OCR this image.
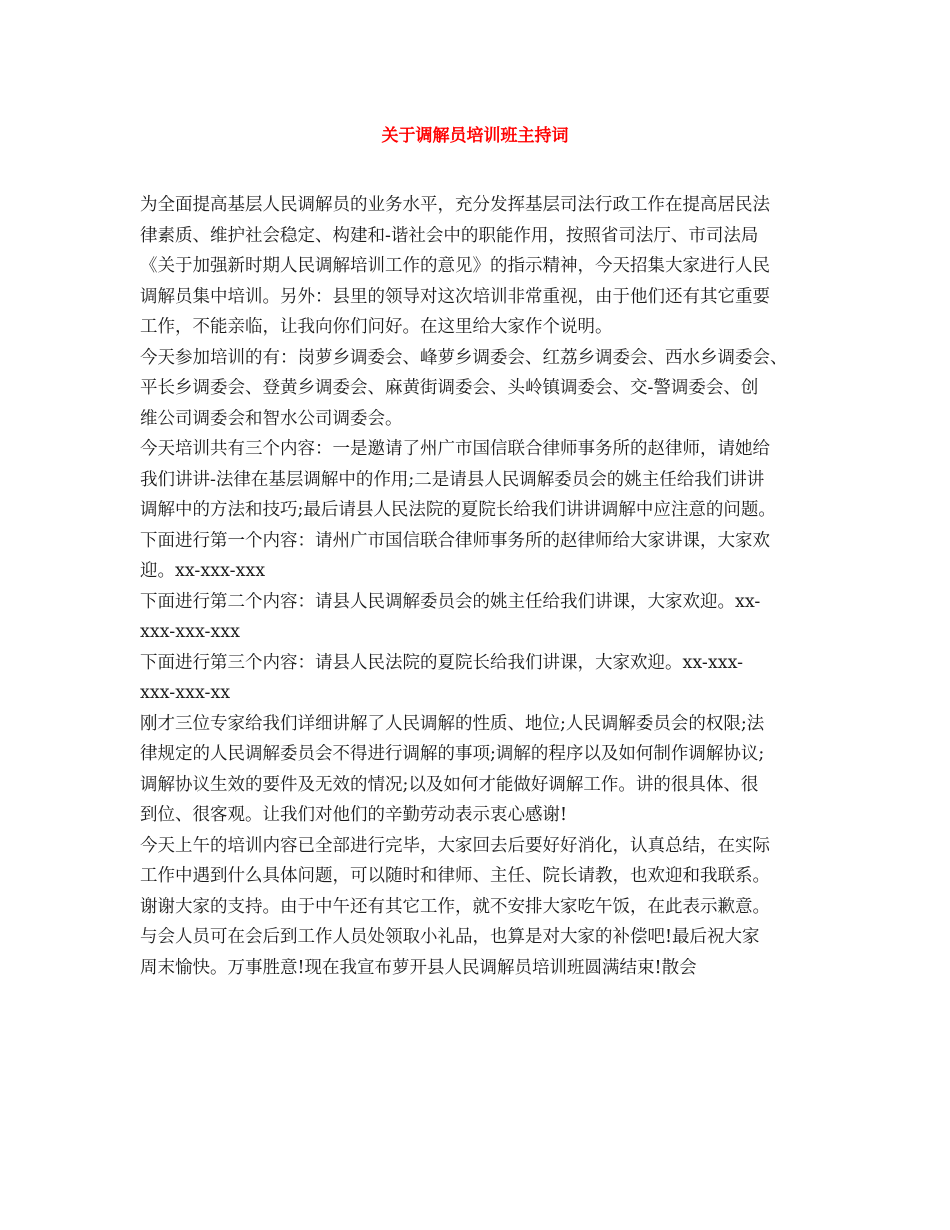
关于调解员培训班主持词

为全面提高基层人民调解员的业务水平，充分发挥基层司法行政工作在提高居民法
律素质、维护社会稳定、构建和-谐社会中的职能作用，按照省司法厅、市司法局
《关于加强新时期人民调解培训工作的意见》的指示精神，今天招集大家进行人民
调解员集中培训。另外：县里的领导对这次培训非常重视，由于他们还有其它重要
工作，不能亲临，让我向你们问好。在这里给大家作个说明。

今天参加培训的有：岗萝乡调委会、峰萝乡调委会、红荔乡调委会、西水乡调委会、
平长乡调委会、登黄乡调委会、麻黄街调委会、头岭镇调委会、交-警调委会、创
维公司调委会和智水公司调委会。

今天培训共有三个内容：一是邀请了州广市国信联合律师事务所的赵律师，请她给
我们讲讲-法律在基层调解中的作用;二是请县人民调解委员会的姚主任给我们讲讲
调解中的方法和技巧;最后请县人民法院的夏院长给我们讲讲调解中应注意的问题。

下面进行第一个内容：请州广市国信联合律师事务所的赵律师给大家讲课，大家欢
迎。xx-xxx-xxx

下面进行第二个内容：请县人民调解委员会的姚主任给我们讲课，大家欢迎。xx-
xxx-xxx-xxx

下面进行第三个内容：请县人民法院的夏院长给我们讲课，大家欢迎。xx-xxx-
xxx-xxx-xx

刚才三位专家给我们详细讲解了人民调解的性质、地位;人民调解委员会的权限;法
律规定的人民调解委员会不得进行调解的事项;调解的程序以及如何制作调解协议;
调解协议生效的要件及无效的情况;以及如何才能做好调解工作。讲的很具体、很
到位、很客观。让我们对他们的辛勤劳动表示衷心感谢!

今天上午的培训内容已全部进行完毕，大家回去后要好好消化，认真总结，在实际
工作中遇到什么具体问题，可以随时和律师、主任、院长请教，也欢迎和我联系。
谢谢大家的支持。由于中午还有其它工作，就不安排大家吃午饭，在此表示歉意。
与会人员可在会后到工作人员处领取小礼品，也算是对大家的补偿吧!最后祝大家
周末愉快。万事胜意!现在我宣布萝开县人民调解员培训班圆满结束!散会
